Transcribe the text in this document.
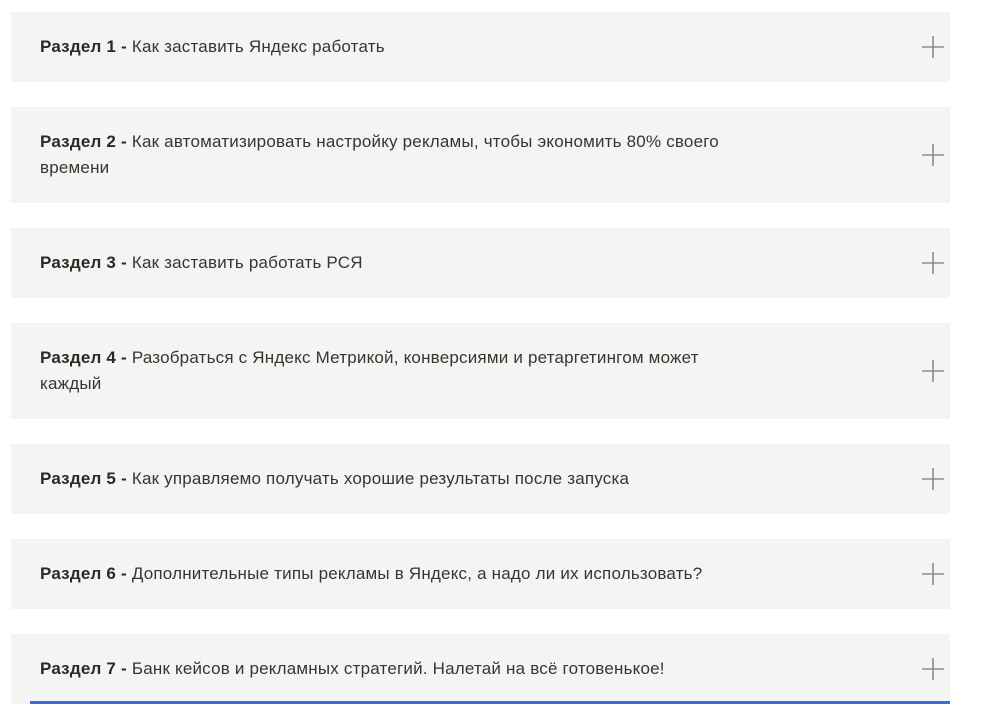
Раздел 1 - Как заставить Яндекс работать
Раздел 2 - Как автоматизировать настройку рекламы, чтобы экономить 80% своего времени
Раздел 3 - Как заставить работать РСЯ
Раздел 4 - Разобраться с Яндекс Метрикой, конверсиями и ретаргетингом может каждый
Раздел 5 - Как управляемо получать хорошие результаты после запуска
Раздел 6 - Дополнительные типы рекламы в Яндекс, а надо ли их использовать?
Раздел 7 - Банк кейсов и рекламных стратегий. Налетай на всё готовенькое!
